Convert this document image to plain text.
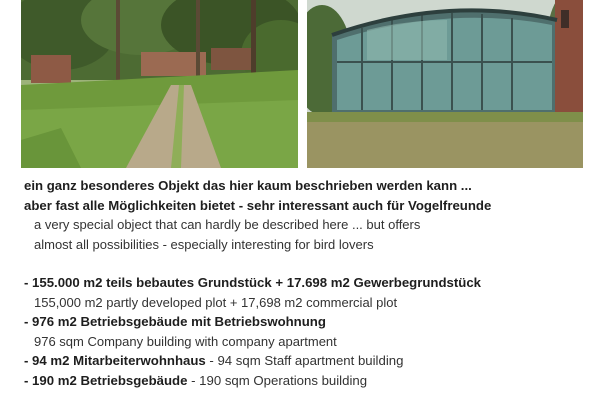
ein ganz besonderes Objekt das hier kaum beschrieben werden kann ...
aber fast alle Möglichkeiten bietet - sehr interessant auch für Vogelfreunde
a very special object that can hardly be described here ... but offers
almost all possibilities - especially interesting for bird lovers
- 155.000 m2 teils bebautes Grundstück + 17.698 m2 Gewerbegrundstück
155,000 m2 partly developed plot + 17,698 m2 commercial plot
- 976 m2 Betriebsgebäude mit Betriebswohnung
976 sqm Company building with company apartment
- 94 m2 Mitarbeiterwohnhaus - 94 sqm Staff apartment building
- 190 m2 Betriebsgebäude - 190 sqm Operations building
